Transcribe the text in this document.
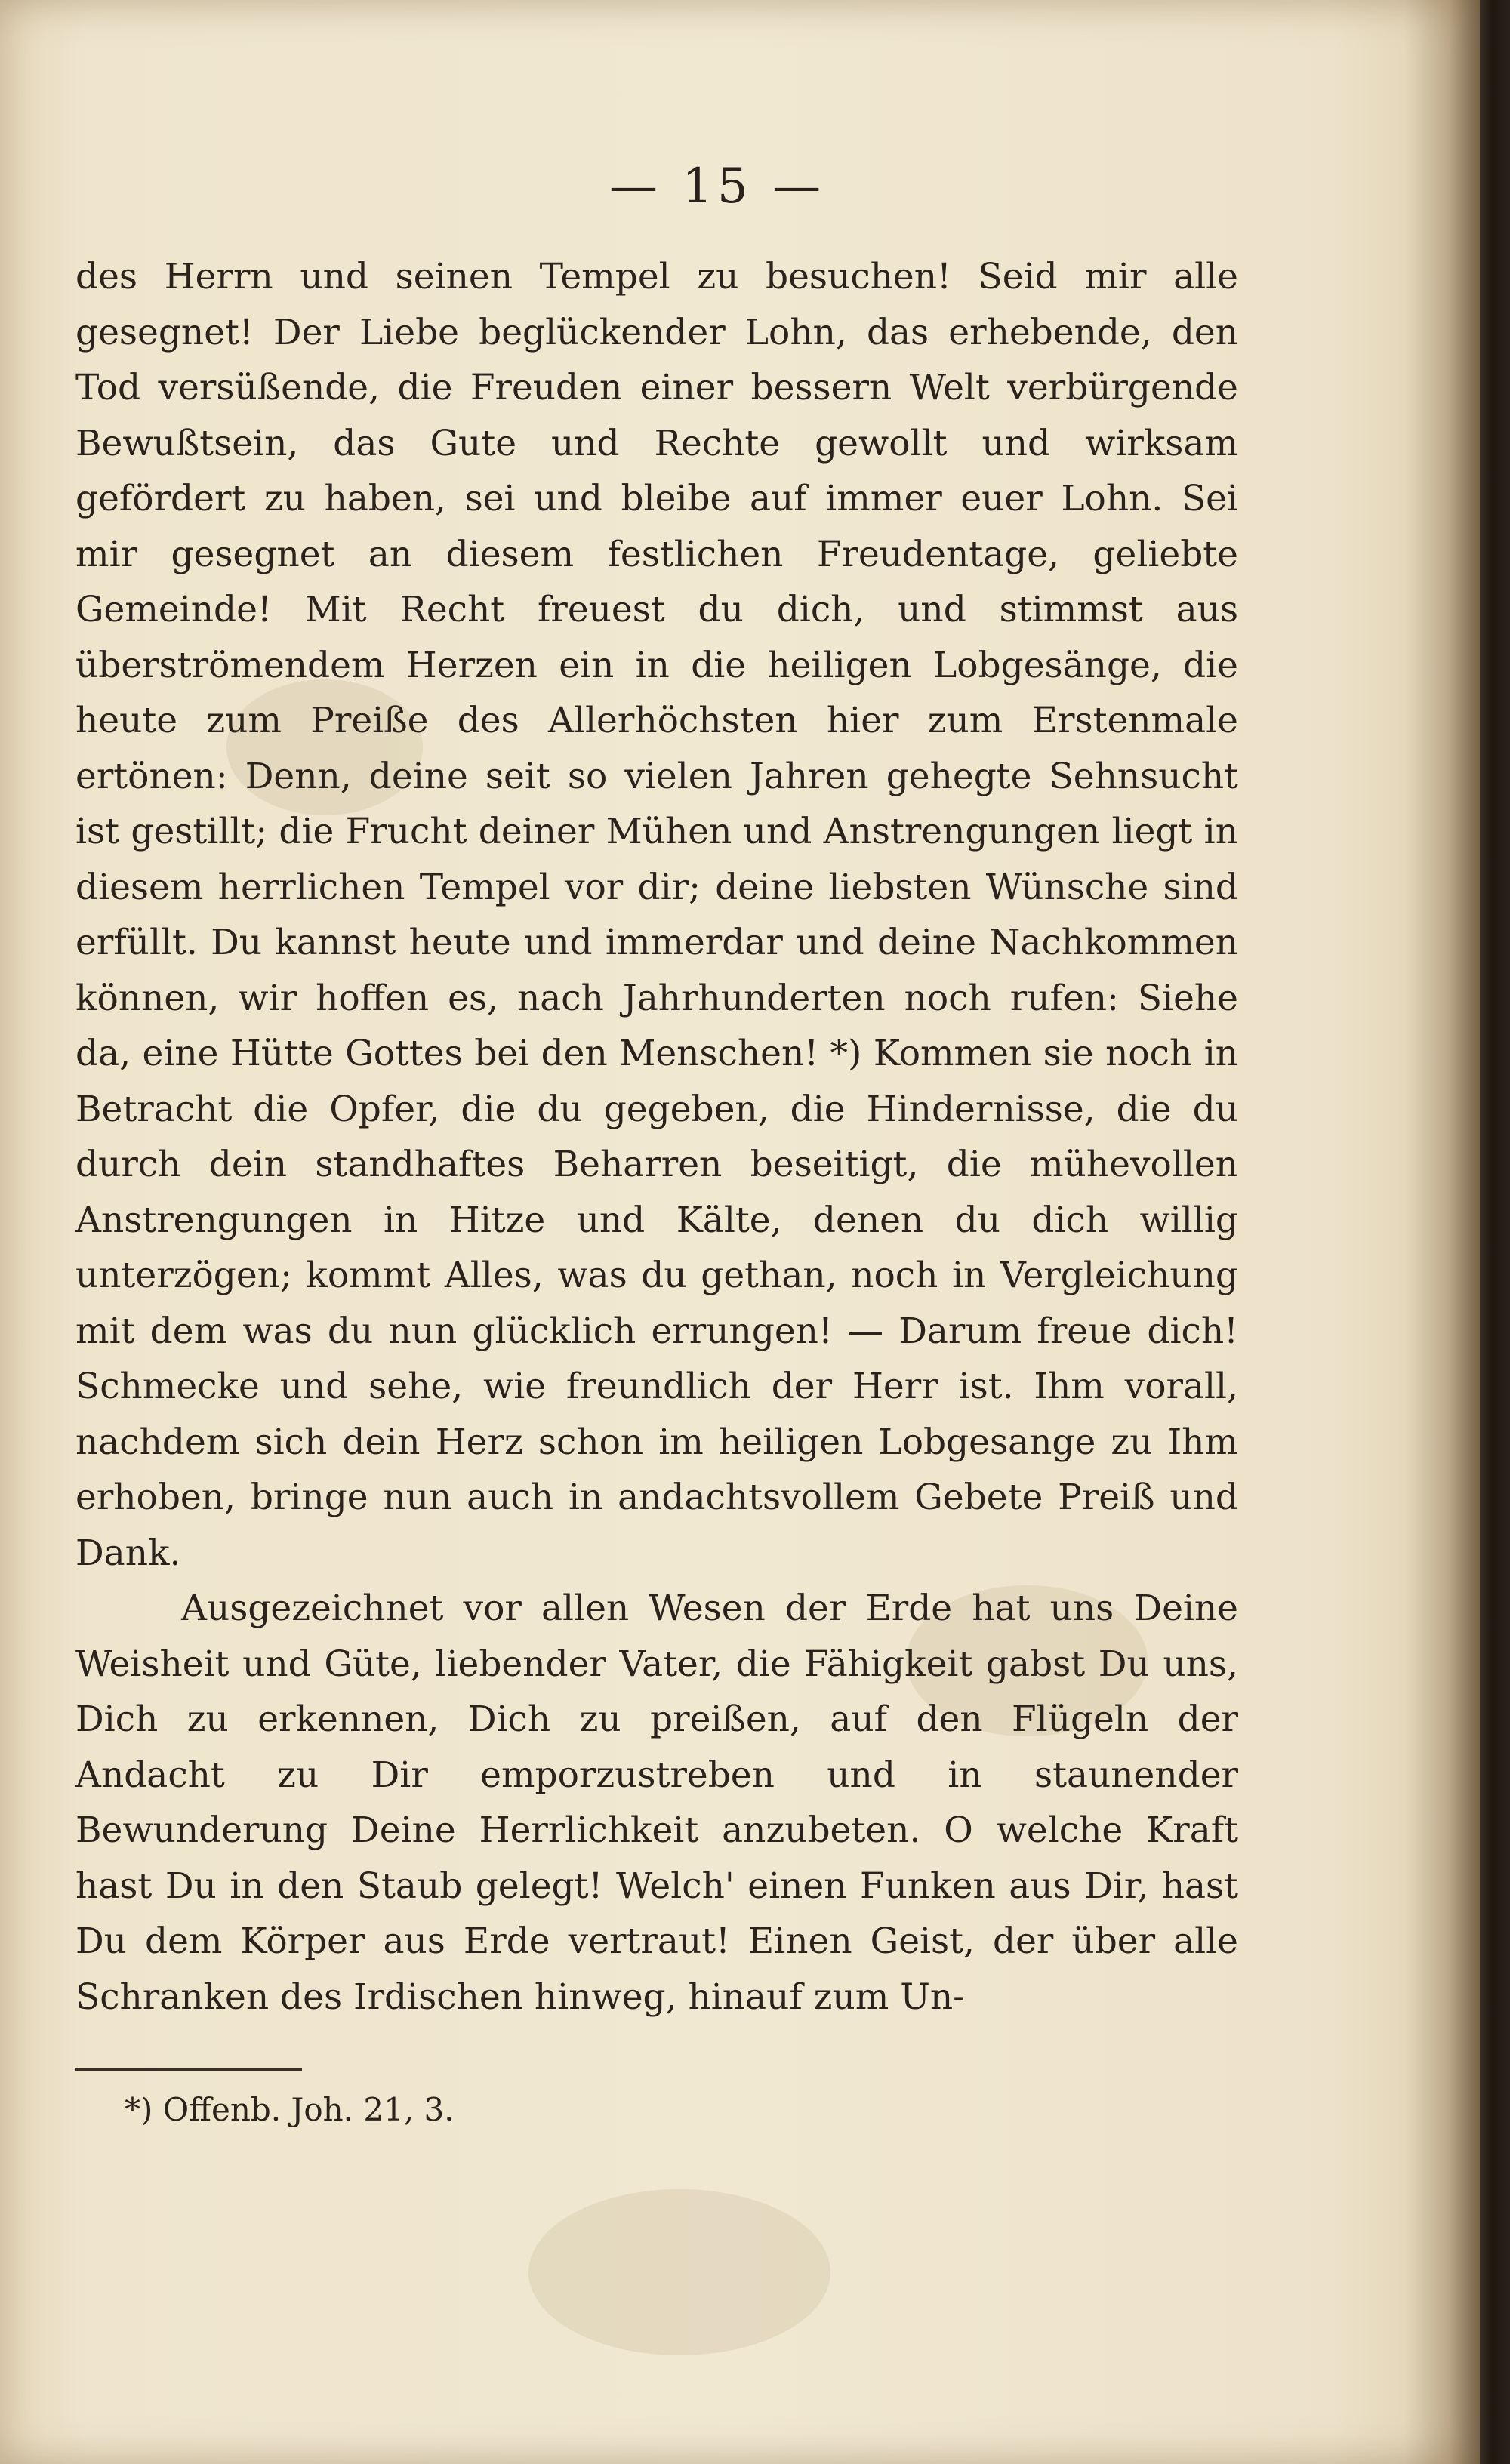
— 15 —

des Herrn und seinen Tempel zu besuchen! Seid mir alle gesegnet! Der Liebe beglückender Lohn, das erhebende, den Tod versüßende, die Freuden einer bessern Welt verbürgende Bewußtsein, das Gute und Rechte gewollt und wirksam gefördert zu haben, sei und bleibe auf immer euer Lohn. Sei mir gesegnet an diesem festlichen Freudentage, geliebte Gemeinde! Mit Recht freuest du dich, und stimmst aus überströmendem Herzen ein in die heiligen Lobgesänge, die heute zum Preiße des Allerhöchsten hier zum Erstenmale ertönen: Denn, deine seit so vielen Jahren gehegte Sehnsucht ist gestillt; die Frucht deiner Mühen und Anstrengungen liegt in diesem herrlichen Tempel vor dir; deine liebsten Wünsche sind erfüllt. Du kannst heute und immerdar und deine Nachkommen können, wir hoffen es, nach Jahrhunderten noch rufen: Siehe da, eine Hütte Gottes bei den Menschen! *) Kommen sie noch in Betracht die Opfer, die du gegeben, die Hindernisse, die du durch dein standhaftes Beharren beseitigt, die mühevollen Anstrengungen in Hitze und Kälte, denen du dich willig unterzögen; kommt Alles, was du gethan, noch in Vergleichung mit dem was du nun glücklich errungen! — Darum freue dich! Schmecke und sehe, wie freundlich der Herr ist. Ihm vorall, nachdem sich dein Herz schon im heiligen Lobgesange zu Ihm erhoben, bringe nun auch in andachtsvollem Gebete Preiß und Dank.

Ausgezeichnet vor allen Wesen der Erde hat uns Deine Weisheit und Güte, liebender Vater, die Fähigkeit gabst Du uns, Dich zu erkennen, Dich zu preißen, auf den Flügeln der Andacht zu Dir emporzustreben und in staunender Bewunderung Deine Herrlichkeit anzubeten. O welche Kraft hast Du in den Staub gelegt! Welch' einen Funken aus Dir, hast Du dem Körper aus Erde vertraut! Einen Geist, der über alle Schranken des Irdischen hinweg, hinauf zum Un-

*) Offenb. Joh. 21, 3.
